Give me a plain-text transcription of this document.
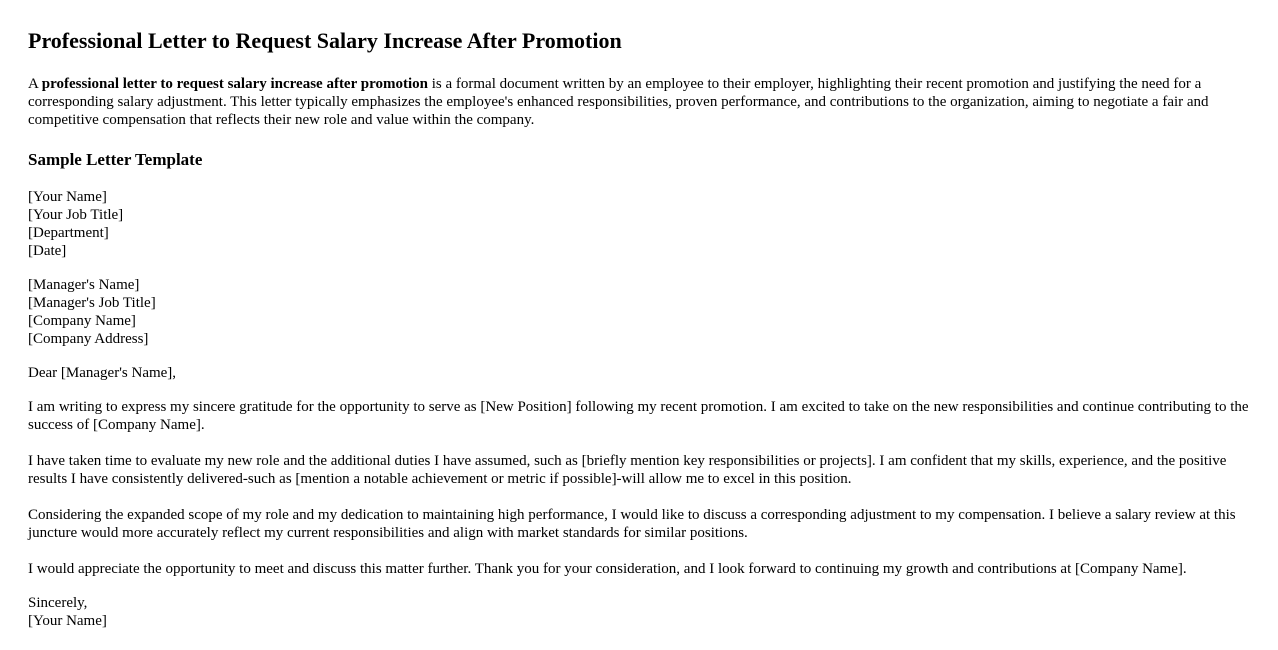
Professional Letter to Request Salary Increase After Promotion

A professional letter to request salary increase after promotion is a formal document written by an employee to their employer, highlighting their recent promotion and justifying the need for a corresponding salary adjustment. This letter typically emphasizes the employee's enhanced responsibilities, proven performance, and contributions to the organization, aiming to negotiate a fair and competitive compensation that reflects their new role and value within the company.

Sample Letter Template
[Your Name]
[Your Job Title]
[Department]
[Date]
[Manager's Name]
[Manager's Job Title]
[Company Name]
[Company Address]

Dear [Manager's Name],

I am writing to express my sincere gratitude for the opportunity to serve as [New Position] following my recent promotion. I am excited to take on the new responsibilities and continue contributing to the success of [Company Name].

I have taken time to evaluate my new role and the additional duties I have assumed, such as [briefly mention key responsibilities or projects]. I am confident that my skills, experience, and the positive results I have consistently delivered-such as [mention a notable achievement or metric if possible]-will allow me to excel in this position.

Considering the expanded scope of my role and my dedication to maintaining high performance, I would like to discuss a corresponding adjustment to my compensation. I believe a salary review at this juncture would more accurately reflect my current responsibilities and align with market standards for similar positions.

I would appreciate the opportunity to meet and discuss this matter further. Thank you for your consideration, and I look forward to continuing my growth and contributions at [Company Name].

Sincerely,
[Your Name]
